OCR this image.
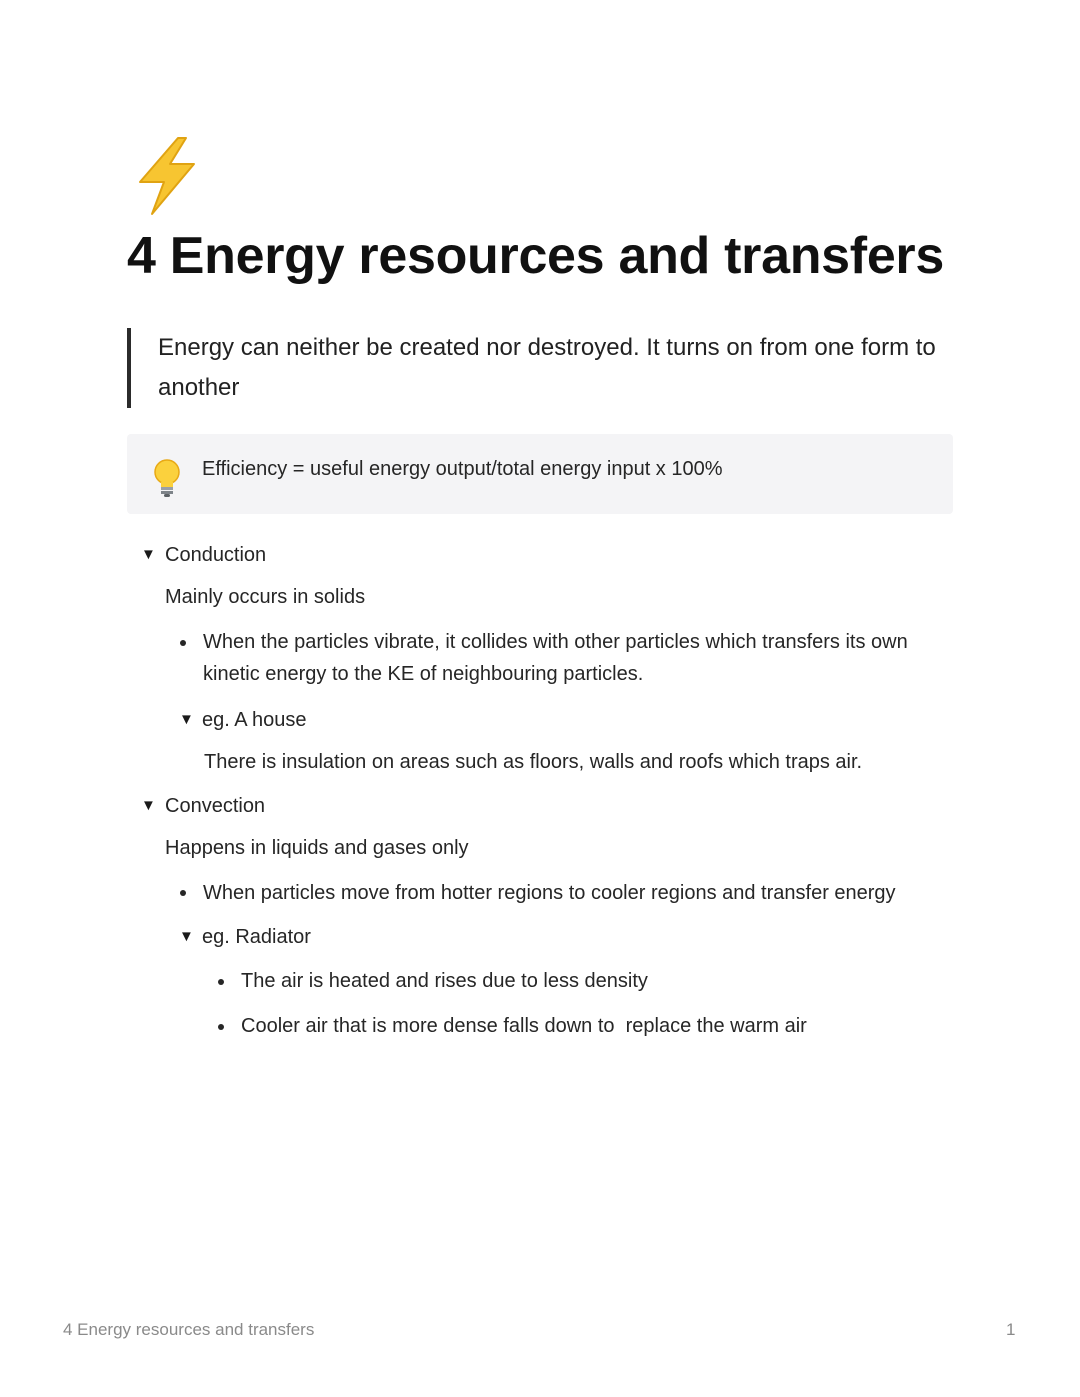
4 Energy resources and transfers
Energy can neither be created nor destroyed. It turns on from one form to another
Efficiency = useful energy output/total energy input x 100%
▼ Conduction
Mainly occurs in solids
When the particles vibrate, it collides with other particles which transfers its own kinetic energy to the KE of neighbouring particles.
▼ eg. A house
There is insulation on areas such as floors, walls and roofs which traps air.
▼ Convection
Happens in liquids and gases only
When particles move from hotter regions to cooler regions and transfer energy
▼ eg. Radiator
The air is heated and rises due to less density
Cooler air that is more dense falls down to  replace the warm air
4 Energy resources and transfers	1
